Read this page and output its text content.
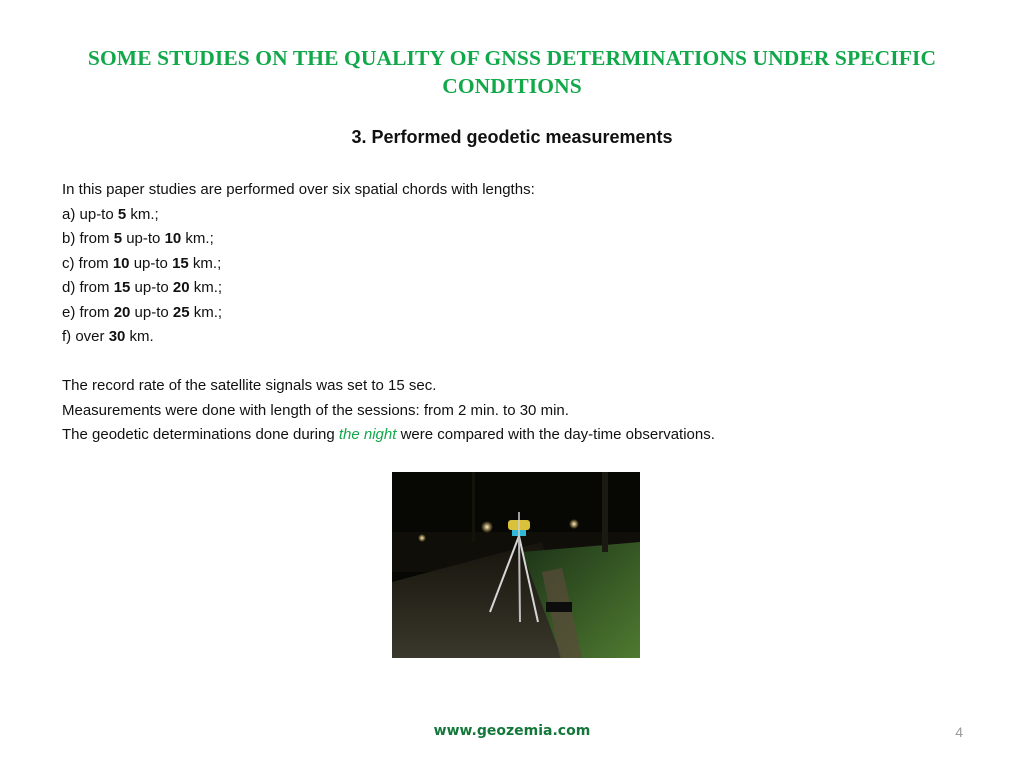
SOME STUDIES ON THE QUALITY OF GNSS DETERMINATIONS UNDER SPECIFIC CONDITIONS
3. Performed geodetic measurements
In this paper studies are performed over six spatial chords with lengths:
a) up-to 5 km.;
b) from 5 up-to 10 km.;
c) from 10 up-to 15 km.;
d) from 15 up-to 20 km.;
e) from 20 up-to 25 km.;
f) over 30 km.
The record rate of the satellite signals was set to 15 sec.
Measurements were done with length of the sessions: from 2 min. to 30 min.
The geodetic determinations done during the night were compared with the day-time observations.
www.geozemia.com	4
